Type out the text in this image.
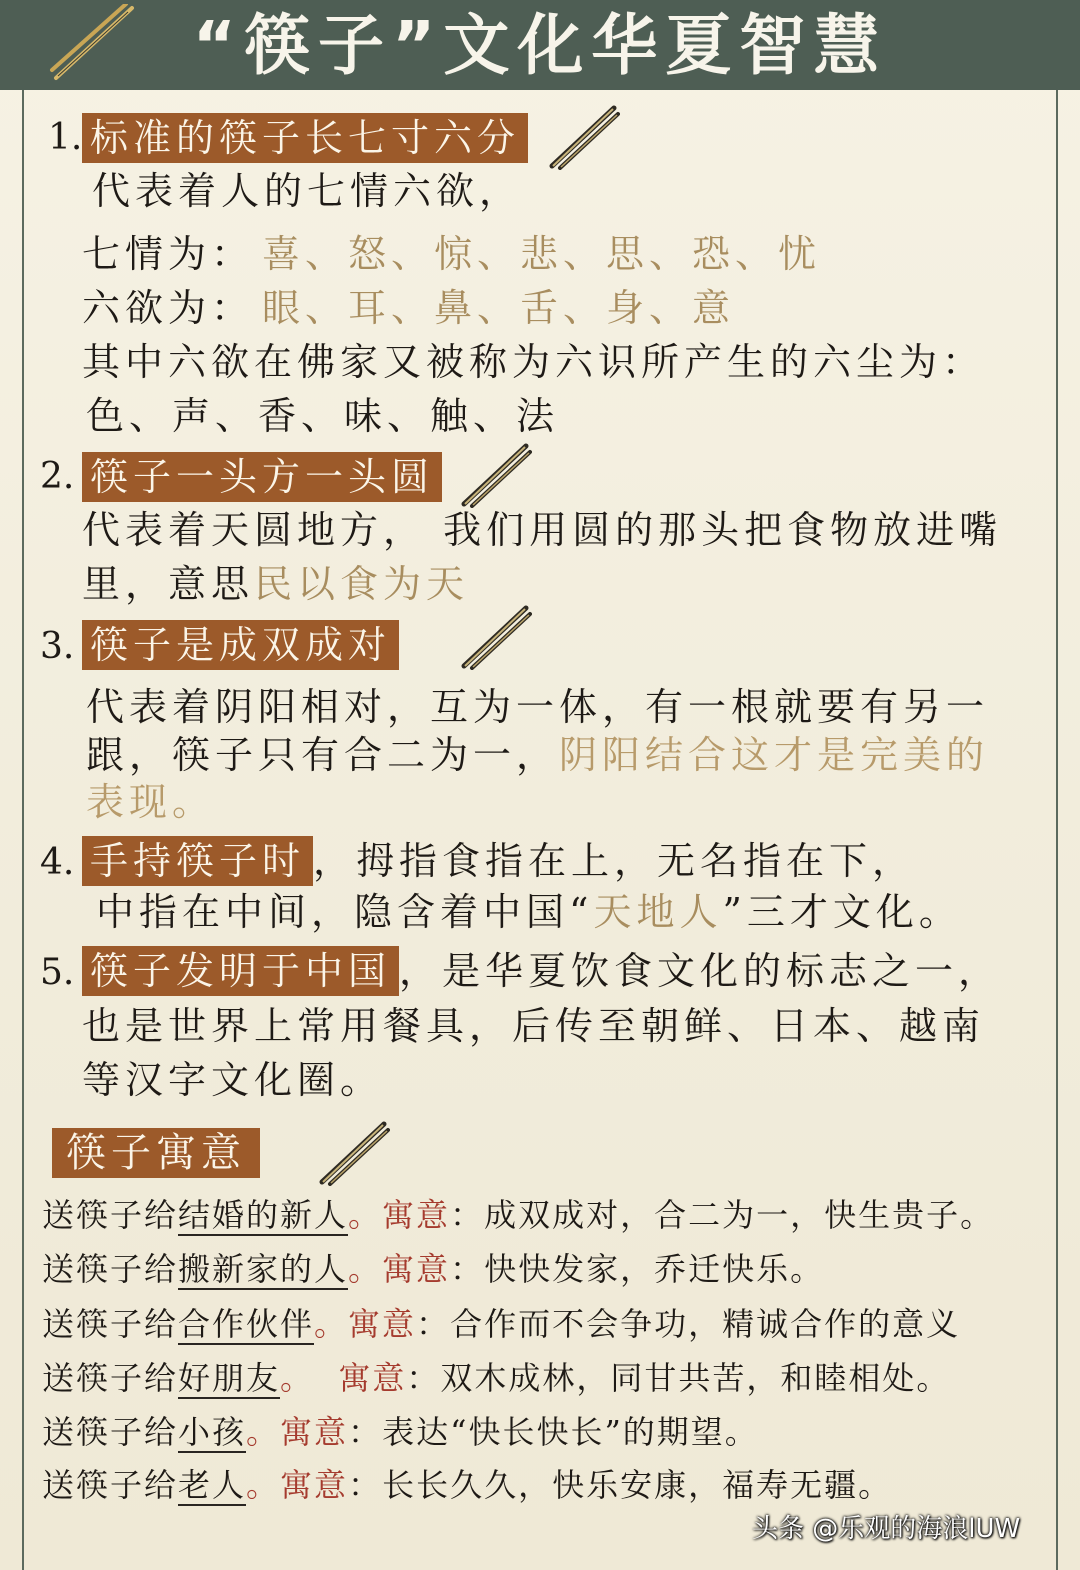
“筷子”文化华夏智慧
1. 标准的筷子长七寸六分
代表着人的七情六欲，
七情为： 喜、怒、惊、悲、思、恐、忧
六欲为： 眼、耳、鼻、舌、身、意
其中六欲在佛家又被称为六识所产生的六尘为：
色、声、香、味、触、法
2. 筷子一头方一头圆
代表着天圆地方， 我们用圆的那头把食物放进嘴
里，意思民以食为天
3. 筷子是成双成对
代表着阴阳相对，互为一体，有一根就要有另一
跟，筷子只有合二为一，阴阳结合这才是完美的
表现。
4. 手持筷子时 ，拇指食指在上，无名指在下，
中指在中间，隐含着中国“天地人”三才文化。
5. 筷子发明于中国 ，是华夏饮食文化的标志之一，
也是世界上常用餐具，后传至朝鲜、日本、越南
等汉字文化圈。
筷子寓意
送筷子给结婚的新人。寓意：成双成对，合二为一，快生贵子。
送筷子给搬新家的人。寓意：快快发家，乔迁快乐。
送筷子给合作伙伴。寓意：合作而不会争功，精诚合作的意义
送筷子给好朋友。  寓意：双木成林，同甘共苦，和睦相处。
送筷子给小孩。寓意：表达“快长快长”的期望。
送筷子给老人。寓意：长长久久，快乐安康，福寿无疆。
头条 @乐观的海浪lUW
